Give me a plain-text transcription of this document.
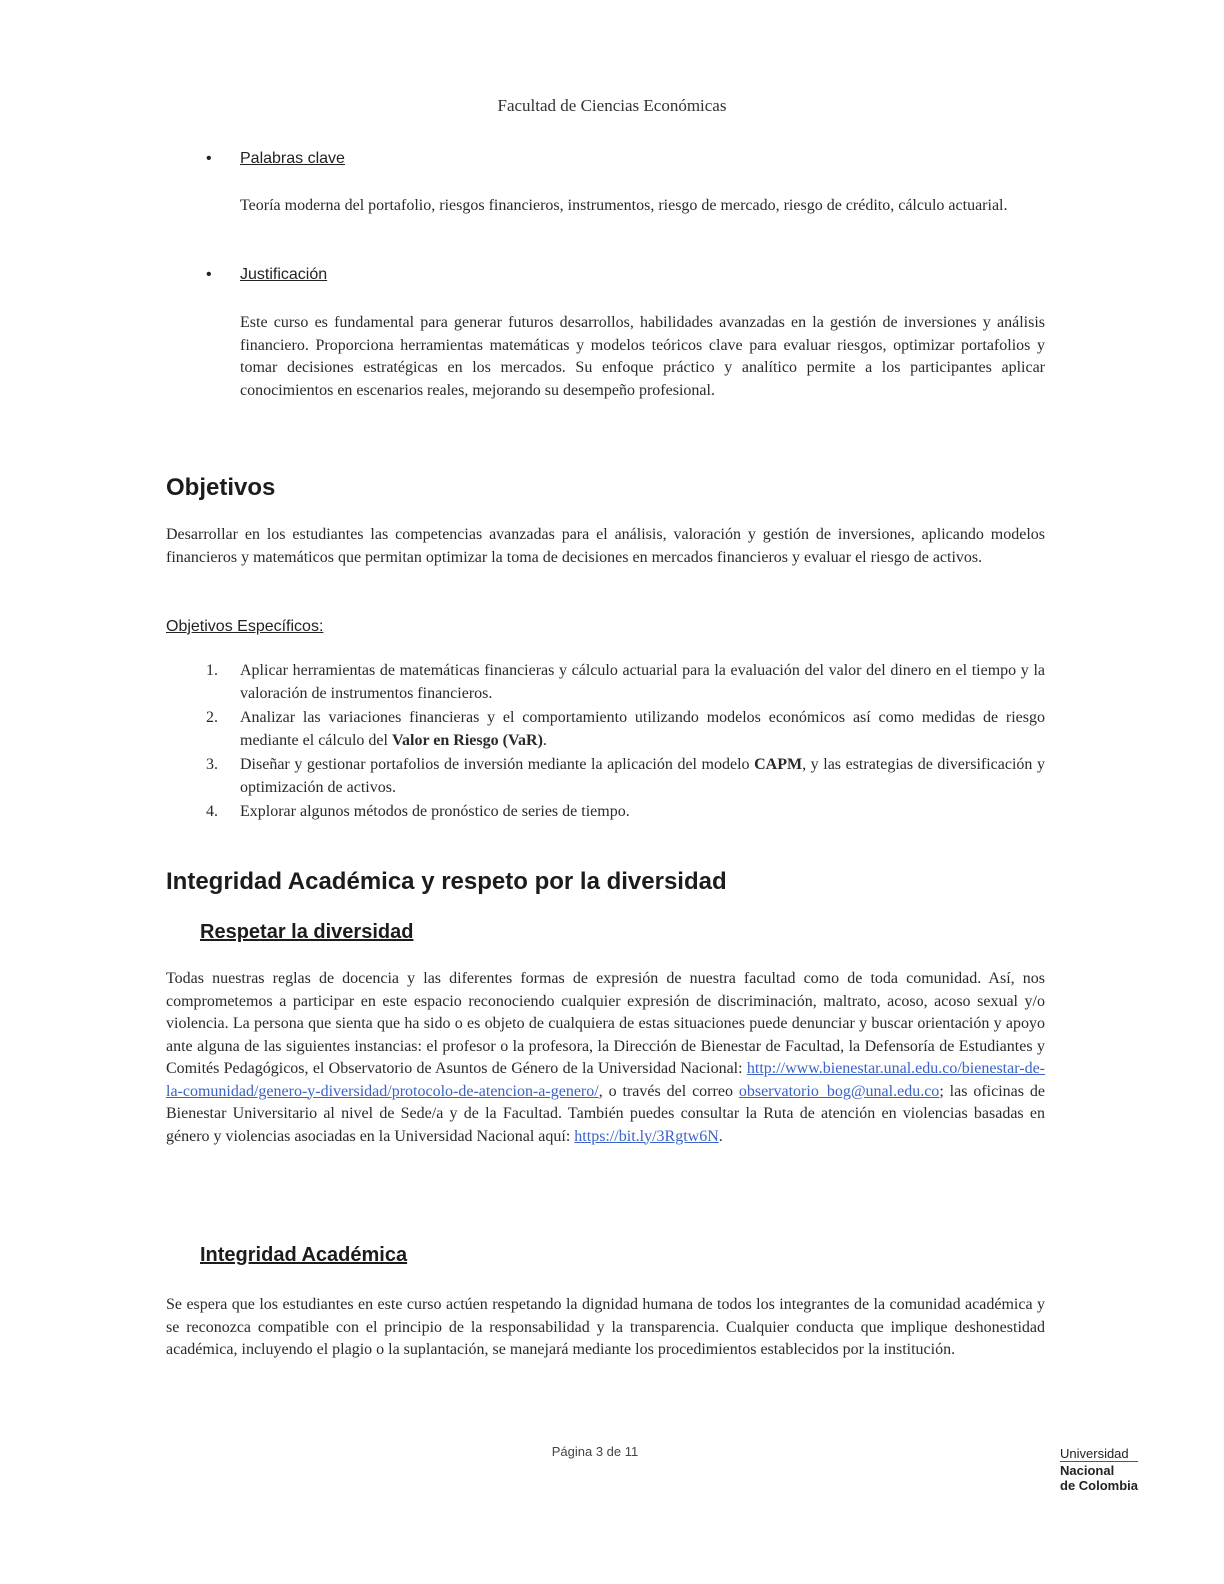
Facultad de Ciencias Económicas
• Palabras clave
Teoría moderna del portafolio, riesgos financieros, instrumentos, riesgo de mercado, riesgo de crédito, cálculo actuarial.
• Justificación
Este curso es fundamental para generar futuros desarrollos, habilidades avanzadas en la gestión de inversiones y análisis financiero. Proporciona herramientas matemáticas y modelos teóricos clave para evaluar riesgos, optimizar portafolios y tomar decisiones estratégicas en los mercados. Su enfoque práctico y analítico permite a los participantes aplicar conocimientos en escenarios reales, mejorando su desempeño profesional.
Objetivos
Desarrollar en los estudiantes las competencias avanzadas para el análisis, valoración y gestión de inversiones, aplicando modelos financieros y matemáticos que permitan optimizar la toma de decisiones en mercados financieros y evaluar el riesgo de activos.
Objetivos Específicos:
1.	Aplicar herramientas de matemáticas financieras y cálculo actuarial para la evaluación del valor del dinero en el tiempo y la valoración de instrumentos financieros.
2.	Analizar las variaciones financieras y el comportamiento utilizando modelos económicos así como medidas de riesgo mediante el cálculo del Valor en Riesgo (VaR).
3.	Diseñar y gestionar portafolios de inversión mediante la aplicación del modelo CAPM, y las estrategias de diversificación y optimización de activos.
4.	Explorar algunos métodos de pronóstico de series de tiempo.
Integridad Académica y respeto por la diversidad
Respetar la diversidad
Todas nuestras reglas de docencia y las diferentes formas de expresión de nuestra facultad como de toda comunidad. Así, nos comprometemos a participar en este espacio reconociendo cualquier expresión de discriminación, maltrato, acoso, acoso sexual y/o violencia. La persona que sienta que ha sido o es objeto de cualquiera de estas situaciones puede denunciar y buscar orientación y apoyo ante alguna de las siguientes instancias: el profesor o la profesora, la Dirección de Bienestar de Facultad, la Defensoría de Estudiantes y Comités Pedagógicos, el Observatorio de Asuntos de Género de la Universidad Nacional: http://www.bienestar.unal.edu.co/bienestar-de-la-comunidad/genero-y-diversidad/protocolo-de-atencion-a-genero/, o través del correo observatorio_bog@unal.edu.co; las oficinas de Bienestar Universitario al nivel de Sede/a y de la Facultad. También puedes consultar la Ruta de atención en violencias basadas en género y violencias asociadas en la Universidad Nacional aquí: https://bit.ly/3Rgtw6N.
Integridad Académica
Se espera que los estudiantes en este curso actúen respetando la dignidad humana de todos los integrantes de la comunidad académica y se reconozca compatible con el principio de la responsabilidad y la transparencia. Cualquier conducta que implique deshonestidad académica, incluyendo el plagio o la suplantación, se manejará mediante los procedimientos establecidos por la institución.
Página 3 de 11	Universidad
Nacional
de Colombia
